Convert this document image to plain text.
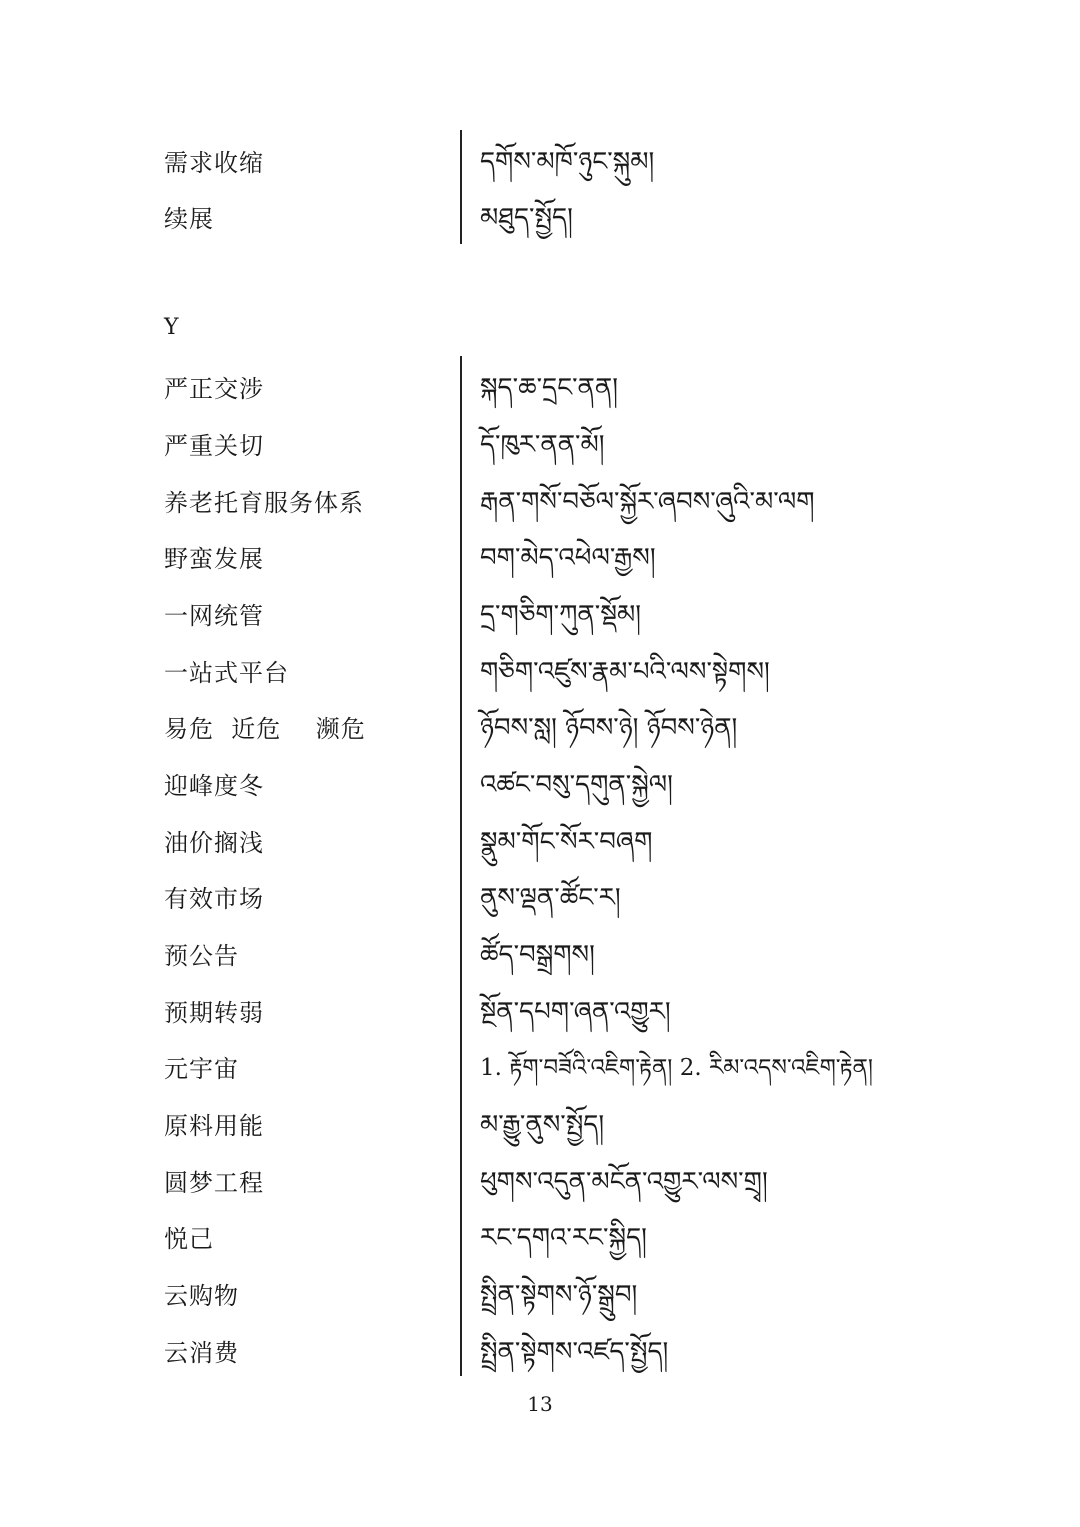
需求收缩	དགོས་མཁོ་ཉུང་སྐུམ།
续展	མཐུད་སྤྱོད།
Y
严正交涉	སྐད་ཆ་དྲང་ནན།
严重关切	དོ་ཁུར་ནན་མོ།
养老托育服务体系	རྒན་གསོ་བཅོལ་སྐྱོར་ཞབས་ཞུའི་མ་ལག
野蛮发展	བག་མེད་འཕེལ་རྒྱས།
一网统管	དྲ་གཅིག་ཀུན་སྡོམ།
一站式平台	གཅིག་འཛུས་རྣམ་པའི་ལས་སྟེགས།
易危  近危    濒危	ཉོབས་སླ། ཉོབས་ཉེ། ཉོབས་ཉེན།
迎峰度冬	འཚང་བསུ་དགུན་སྐྱེལ།
油价搁浅	སྣུམ་གོང་སོར་བཞག
有效市场	ནུས་ལྡན་ཚོང་ར།
预公告	ཚོད་བསྒྲགས།
预期转弱	སྔོན་དཔག་ཞན་འགྱུར།
元宇宙	1. རྟོག་བཟོའི་འཇིག་རྟེན། 2. རིམ་འདས་འཇིག་རྟེན།
原料用能	མ་རྒྱུ་ནུས་སྤྱོད།
圆梦工程	ཕུགས་འདུན་མངོན་འགྱུར་ལས་གྲྭ།
悦己	རང་དགའ་རང་སྐྱིད།
云购物	སྤྲིན་སྟེགས་ཉོ་སྒྲུབ།
云消费	སྤྲིན་སྟེགས་འཛད་སྤྱོད།
13
